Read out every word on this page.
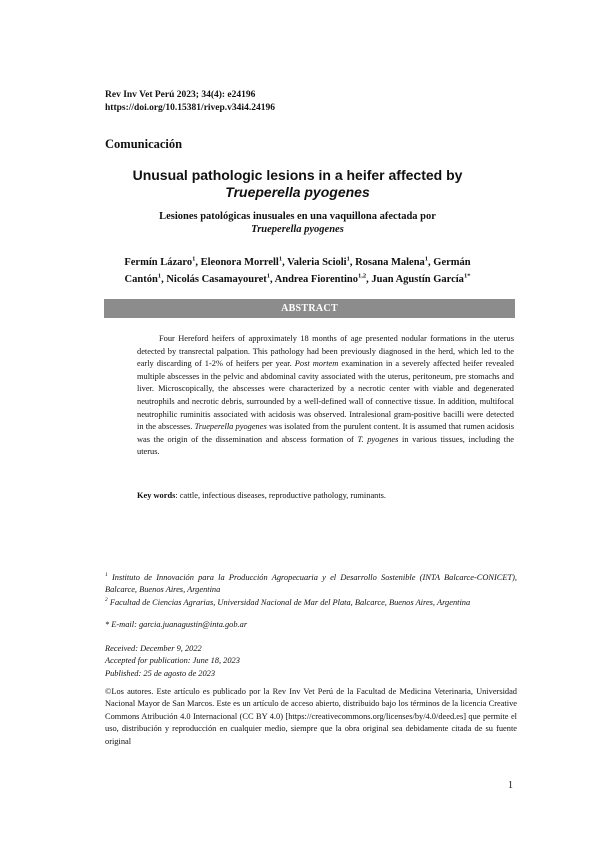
Rev Inv Vet Perú 2023; 34(4): e24196
https://doi.org/10.15381/rivep.v34i4.24196
Comunicación
Unusual pathologic lesions in a heifer affected by
Trueperella pyogenes
Lesiones patológicas inusuales en una vaquillona afectada por
Trueperella pyogenes
Fermín Lázaro$^1$, Eleonora Morrell$^1$, Valeria Scioli$^1$, Rosana Malena$^1$, Germán Cantón$^1$, Nicolás Casamayouret$^1$, Andrea Fiorentino$^{1,2}$, Juan Agustín García$^{1*}$
ABSTRACT
Four Hereford heifers of approximately 18 months of age presented nodular formations in the uterus detected by transrectal palpation. This pathology had been previously diagnosed in the herd, which led to the early discarding of 1-2% of heifers per year. Post mortem examination in a severely affected heifer revealed multiple abscesses in the pelvic and abdominal cavity associated with the uterus, peritoneum, pre stomachs and liver. Microscopically, the abscesses were characterized by a necrotic center with viable and degenerated neutrophils and necrotic debris, surrounded by a well-defined wall of connective tissue. In addition, multifocal neutrophilic ruminitis associated with acidosis was observed. Intralesional gram-positive bacilli were detected in the abscesses. Trueperella pyogenes was isolated from the purulent content. It is assumed that rumen acidosis was the origin of the dissemination and abscess formation of T. pyogenes in various tissues, including the uterus.
Key words: cattle, infectious diseases, reproductive pathology, ruminants.
$^1$ Instituto de Innovación para la Producción Agropecuaria y el Desarrollo Sostenible (INTA Balcarce-CONICET), Balcarce, Buenos Aires, Argentina
$^2$ Facultad de Ciencias Agrarias, Universidad Nacional de Mar del Plata, Balcarce, Buenos Aires, Argentina
* E-mail: garcia.juanagustin@inta.gob.ar
Received: December 9, 2022
Accepted for publication: June 18, 2023
Published: 25 de agosto de 2023
©Los autores. Este artículo es publicado por la Rev Inv Vet Perú de la Facultad de Medicina Veterinaria, Universidad Nacional Mayor de San Marcos. Este es un artículo de acceso abierto, distribuido bajo los términos de la licencia Creative Commons Atribución 4.0 Internacional (CC BY 4.0) [https://creativecommons.org/licenses/by/4.0/deed.es] que permite el uso, distribución y reproducción en cualquier medio, siempre que la obra original sea debidamente citada de su fuente original
1
